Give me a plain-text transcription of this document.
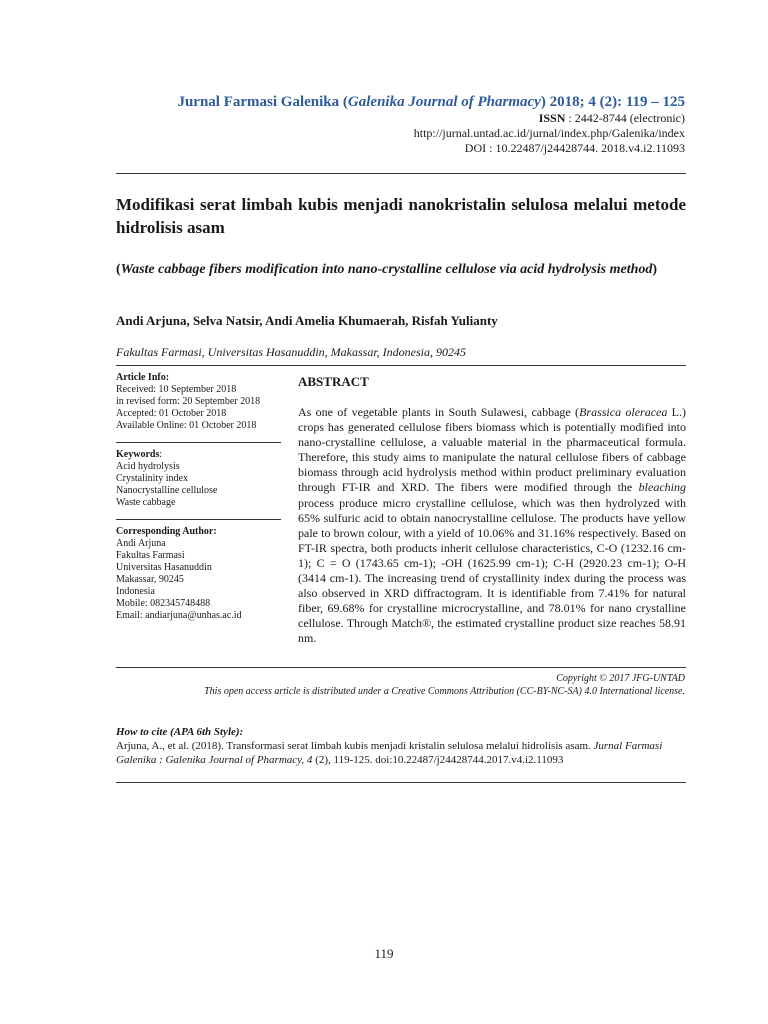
Jurnal Farmasi Galenika (Galenika Journal of Pharmacy) 2018; 4 (2): 119 – 125
ISSN : 2442-8744 (electronic)
http://jurnal.untad.ac.id/jurnal/index.php/Galenika/index
DOI : 10.22487/j24428744. 2018.v4.i2.11093
Modifikasi serat limbah kubis menjadi nanokristalin selulosa melalui metode hidrolisis asam
(Waste cabbage fibers modification into nano-crystalline cellulose via acid hydrolysis method)
Andi Arjuna, Selva Natsir, Andi Amelia Khumaerah, Risfah Yulianty
Fakultas Farmasi, Universitas Hasanuddin, Makassar, Indonesia, 90245
Article Info:
Received: 10 September 2018
in revised form: 20 September 2018
Accepted: 01 October 2018
Available Online: 01 October 2018
Keywords:
Acid hydrolysis
Crystalinity index
Nanocrystalline cellulose
Waste cabbage
Corresponding Author:
Andi Arjuna
Fakultas Farmasi
Universitas Hasanuddin
Makassar, 90245
Indonesia
Mobile: 082345748488
Email: andiarjuna@unhas.ac.id
ABSTRACT
As one of vegetable plants in South Sulawesi, cabbage (Brassica oleracea L.) crops has generated cellulose fibers biomass which is potentially modified into nano-crystalline cellulose, a valuable material in the pharmaceutical formula. Therefore, this study aims to manipulate the natural cellulose fibers of cabbage biomass through acid hydrolysis method within product preliminary evaluation through FT-IR and XRD. The fibers were modified through the bleaching process produce micro crystalline cellulose, which was then hydrolyzed with 65% sulfuric acid to obtain nanocrystalline cellulose. The products have yellow pale to brown colour, with a yield of 10.06% and 31.16% respectively. Based on FT-IR spectra, both products inherit cellulose characteristics, C-O (1232.16 cm-1); C = O (1743.65 cm-1); -OH (1625.99 cm-1); C-H (2920.23 cm-1); O-H (3414 cm-1). The increasing trend of crystallinity index during the process was also observed in XRD diffractogram. It is identifiable from 7.41% for natural fiber, 69.68% for crystalline microcrystalline, and 78.01% for nano crystalline cellulose. Through Match®, the estimated crystalline product size reaches 58.91 nm.
Copyright © 2017 JFG-UNTAD
This open access article is distributed under a Creative Commons Attribution (CC-BY-NC-SA) 4.0 International license.
How to cite (APA 6th Style):
Arjuna, A., et al. (2018). Transformasi serat limbah kubis menjadi kristalin selulosa melalui hidrolisis asam. Jurnal Farmasi Galenika : Galenika Journal of Pharmacy, 4 (2), 119-125. doi:10.22487/j24428744.2017.v4.i2.11093
119
